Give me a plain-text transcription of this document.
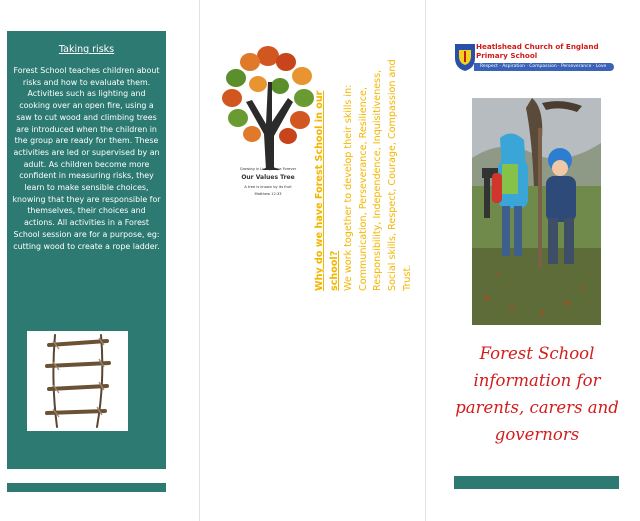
Taking risks
Forest School teaches children about risks and how to evaluate them. Activities such as lighting and cooking over an open fire, using a saw to cut wood and climbing trees are introduced when the children in the group are ready for them. These activities are led or supervised by an adult. As children become more confident in measuring risks, they learn to make sensible choices, knowing that they are responsible for themselves, their choices and actions. All activities in a Forest School session are for a purpose, eg: cutting wood to create a rope ladder.
Growing in Living Hope Forever
Our Values Tree
A tree is known by its fruit
Matthew 12:33	Why do we have Forest School in our school? We work together to develop their skills in: Communication, Perseverance, Resilience, Responsibility, Independence, Inquisitiveness, Social skills, Respect, Courage, Compassion and Trust.
Heatlshead Church of England Primary School
Respect · Aspiration · Compassion · Perseverance · Love
Forest School information for parents, carers and governors
